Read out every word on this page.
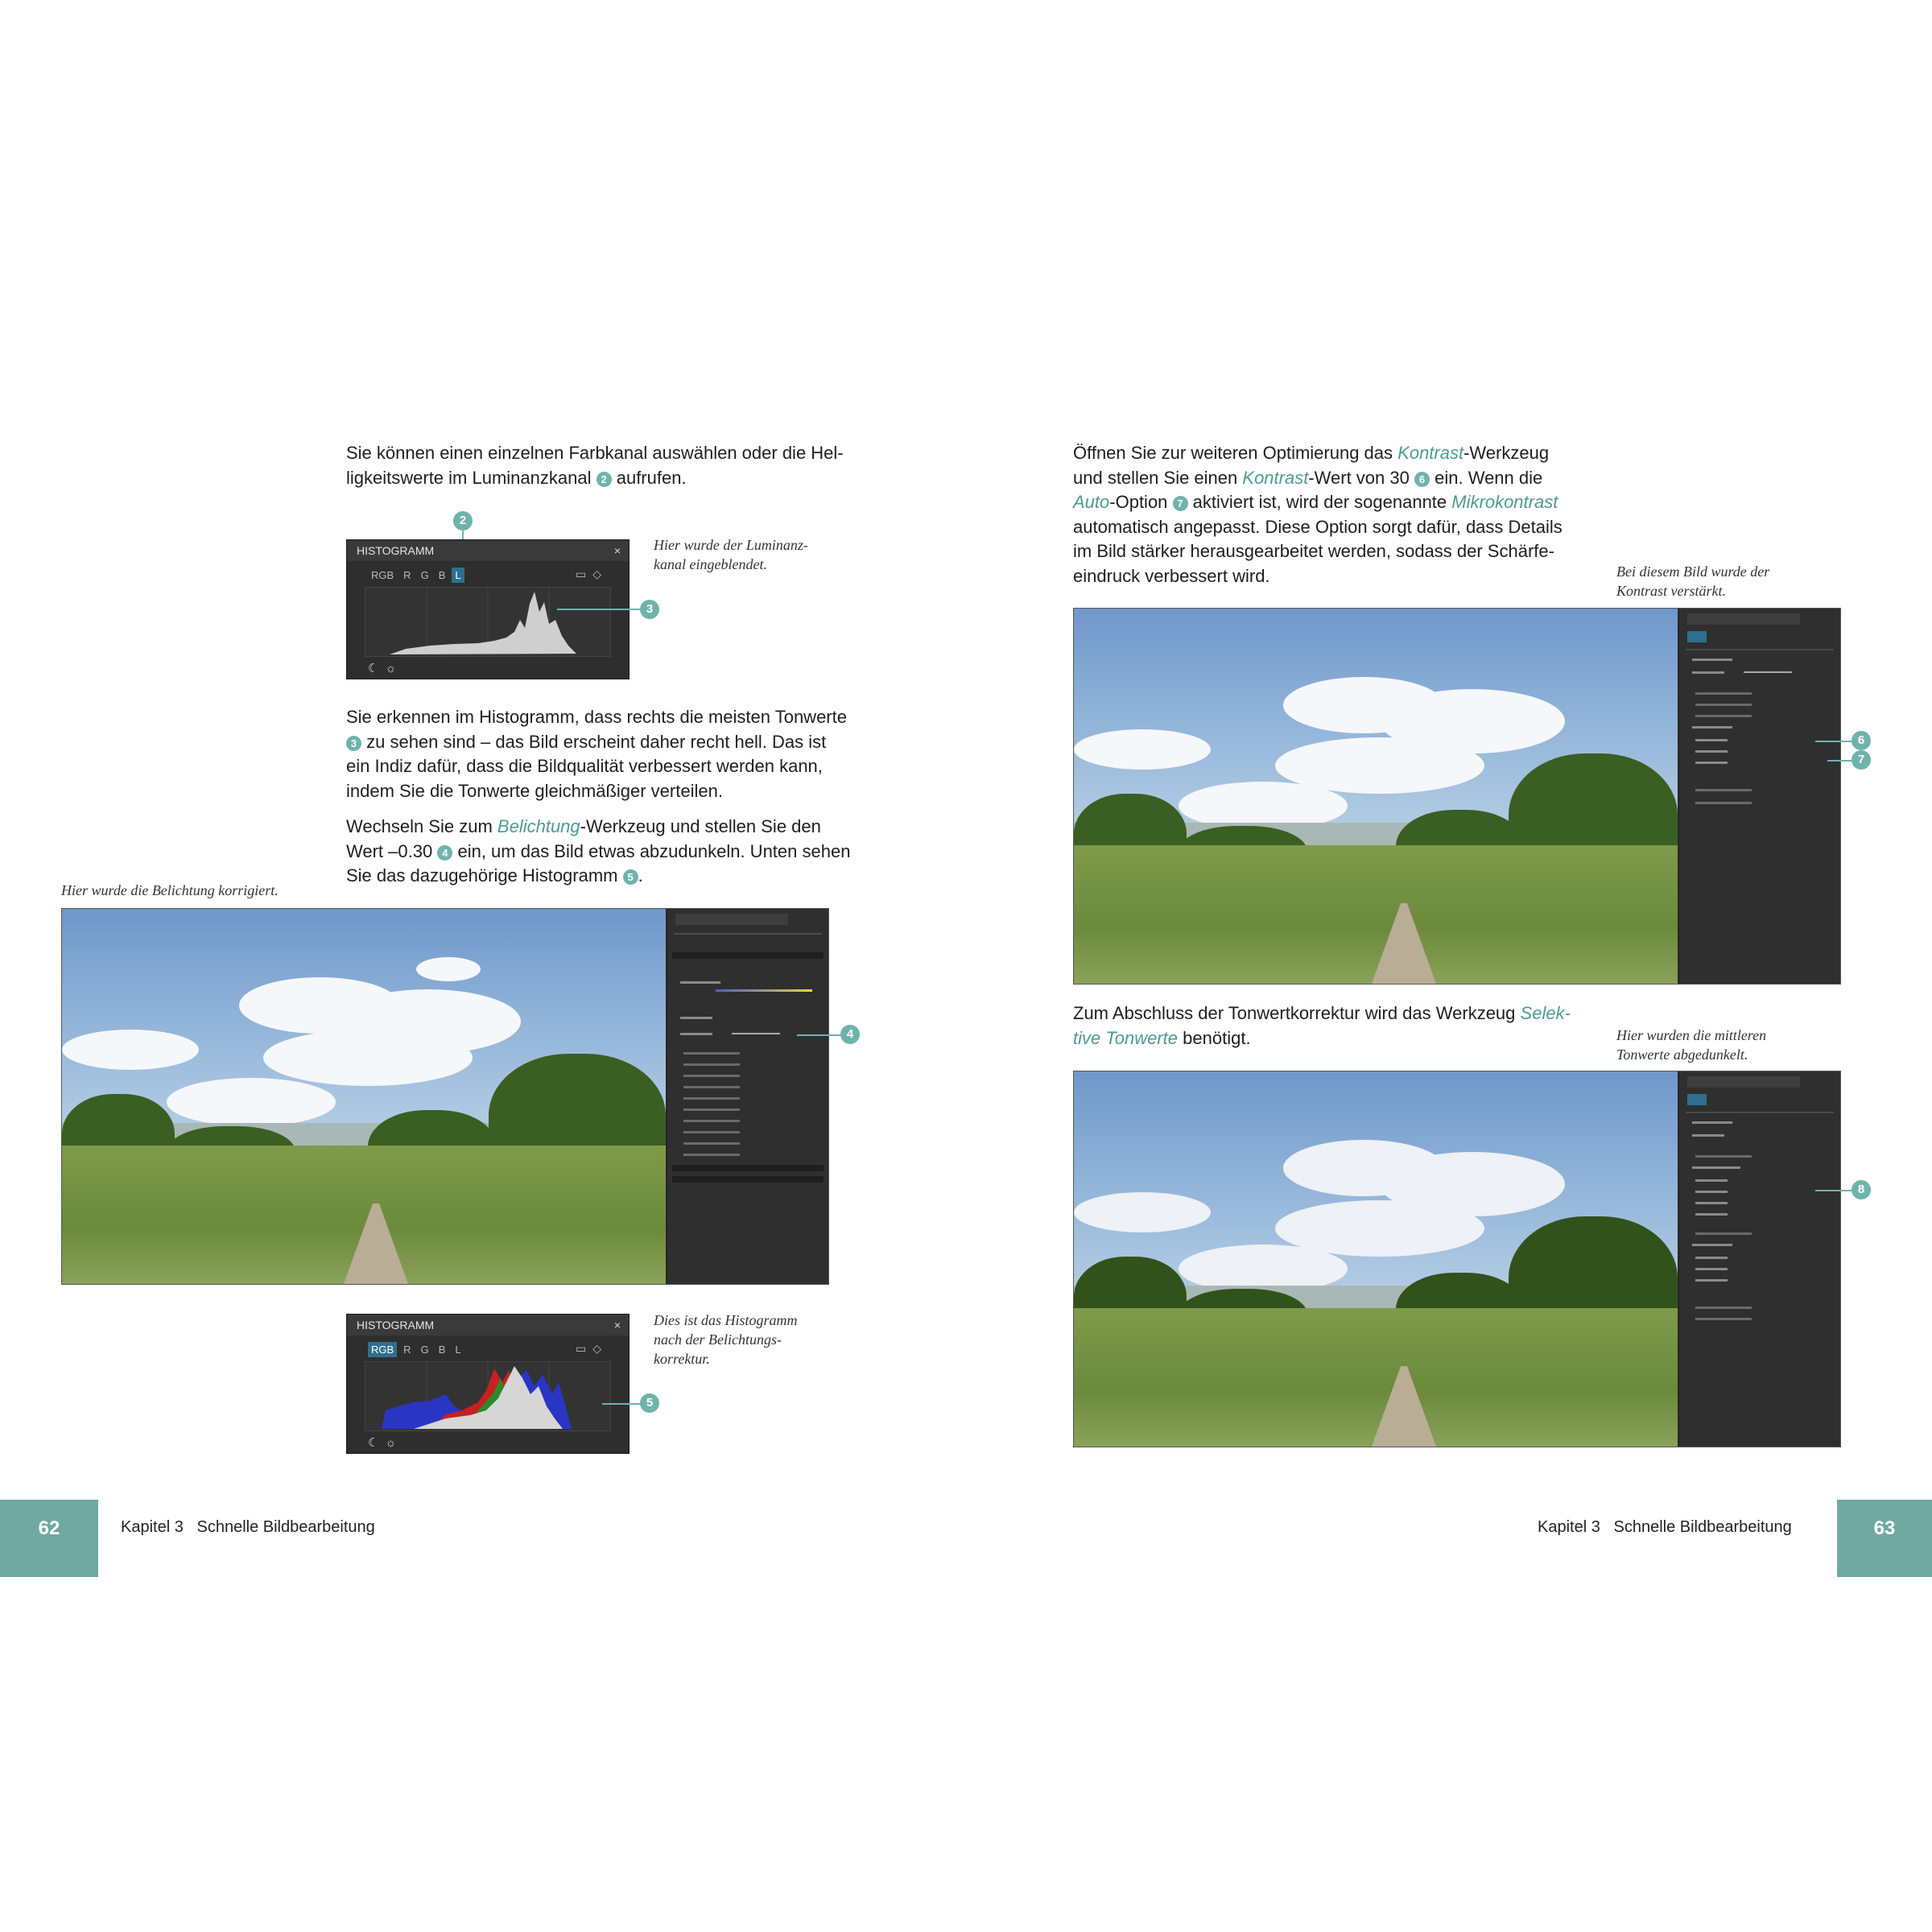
Sie können einen einzelnen Farbkanal auswählen oder die Hel-
ligkeitswerte im Luminanzkanal 2 aufrufen.
2
HISTOGRAMM	×
RGB R G B L	▭◇
☾☼
3
Hier wurde der Luminanz-
kanal eingeblendet.
Sie erkennen im Histogramm, dass rechts die meisten Tonwerte
3 zu sehen sind – das Bild erscheint daher recht hell. Das ist
ein Indiz dafür, dass die Bildqualität verbessert werden kann,
indem Sie die Tonwerte gleichmäßiger verteilen.
Wechseln Sie zum Belichtung-Werkzeug und stellen Sie den
Wert –0.30 4 ein, um das Bild etwas abzudunkeln. Unten sehen
Sie das dazugehörige Histogramm 5 .
Hier wurde die Belichtung korrigiert.
4
HISTOGRAMM	×
RGB R G B L	▭◇
☾☼
5
Dies ist das Histogramm
nach der Belichtungs-
korrektur.
62	Kapitel 3   Schnelle Bildbearbeitung
Öffnen Sie zur weiteren Optimierung das Kontrast-Werkzeug
und stellen Sie einen Kontrast-Wert von 30 6 ein. Wenn die
Auto-Option 7 aktiviert ist, wird der sogenannte Mikrokontrast
automatisch angepasst. Diese Option sorgt dafür, dass Details
im Bild stärker herausgearbeitet werden, sodass der Schärfe-
eindruck verbessert wird.	Bei diesem Bild wurde der
Kontrast verstärkt.
6
7
Zum Abschluss der Tonwertkorrektur wird das Werkzeug Selek-
tive Tonwerte benötigt.	Hier wurden die mittleren
Tonwerte abgedunkelt.
8
Kapitel 3   Schnelle Bildbearbeitung	63
